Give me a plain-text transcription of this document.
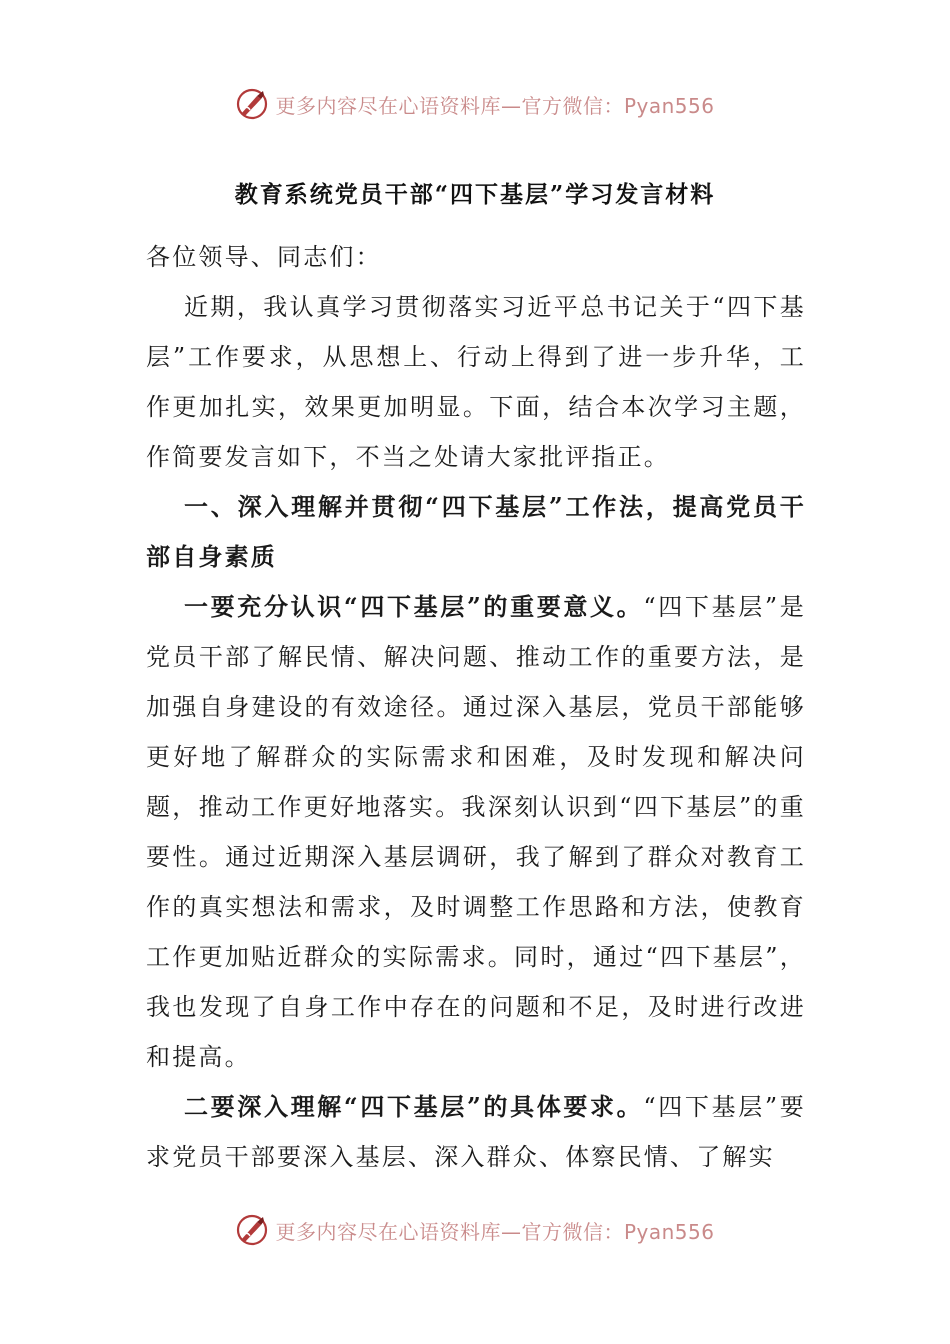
更多内容尽在心语资料库—官方微信：Pyan556
教育系统党员干部“四下基层”学习发言材料

各位领导、同志们：

近期，我认真学习贯彻落实习近平总书记关于“四下基层”工作要求，从思想上、行动上得到了进一步升华，工作更加扎实，效果更加明显。下面，结合本次学习主题，作简要发言如下，不当之处请大家批评指正。

一、深入理解并贯彻“四下基层”工作法，提高党员干部自身素质

一要充分认识“四下基层”的重要意义。“四下基层”是党员干部了解民情、解决问题、推动工作的重要方法，是加强自身建设的有效途径。通过深入基层，党员干部能够更好地了解群众的实际需求和困难，及时发现和解决问题，推动工作更好地落实。我深刻认识到“四下基层”的重要性。通过近期深入基层调研，我了解到了群众对教育工作的真实想法和需求，及时调整工作思路和方法，使教育工作更加贴近群众的实际需求。同时，通过“四下基层”，我也发现了自身工作中存在的问题和不足，及时进行改进和提高。

二要深入理解“四下基层”的具体要求。“四下基层”要求党员干部要深入基层、深入群众、体察民情、了解实

更多内容尽在心语资料库—官方微信：Pyan556
